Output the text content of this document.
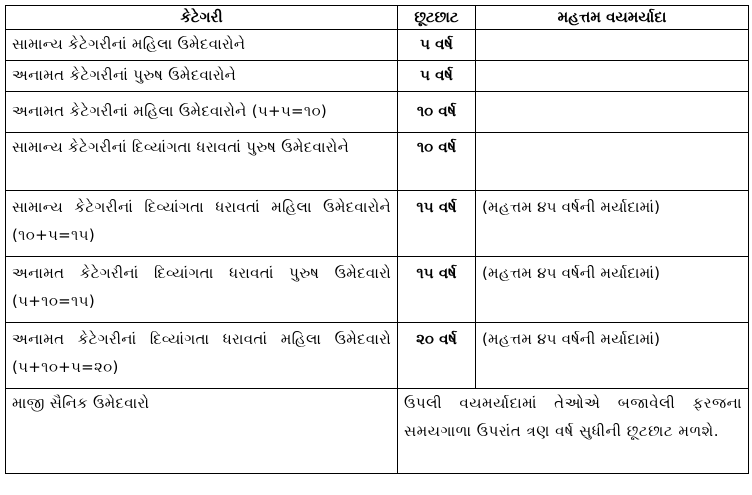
કેટેગરી	છૂટછાટ	મહત્તમ વયમર્યાદા
સામાન્ય કેટેગરીનાં મહિલા ઉમેદવારોને	૫ વર્ષ	
અનામત કેટેગરીનાં પુરુષ ઉમેદવારોને	૫ વર્ષ	
અનામત કેટેગરીનાં મહિલા ઉમેદવારોને (૫+૫=૧૦)	૧૦ વર્ષ	
સામાન્ય કેટેગરીનાં દિવ્યાંગતા ધરાવતાં પુરુષ ઉમેદવારોને	૧૦ વર્ષ	
સામાન્ય કેટેગરીનાં દિવ્યાંગતા ધરાવતાં મહિલા ઉમેદવારોને (૧૦+૫=૧૫)	૧૫ વર્ષ	(મહત્તમ ૪૫ વર્ષની મર્યાદામાં)
અનામત કેટેગરીનાં દિવ્યાંગતા ધરાવતાં પુરુષ ઉમેદવારો (૫+૧૦=૧૫)	૧૫ વર્ષ	(મહત્તમ ૪૫ વર્ષની મર્યાદામાં)
અનામત કેટેગરીનાં દિવ્યાંગતા ધરાવતાં મહિલા ઉમેદવારો (૫+૧૦+૫=૨૦)	૨૦ વર્ષ	(મહત્તમ ૪૫ વર્ષની મર્યાદામાં)
માજી સૈનિક ઉમેદવારો	ઉપલી વયમર્યાદામાં તેઓએ બજાવેલી ફરજના સમયગાળા ઉપરાંત ત્રણ વર્ષ સુધીની છૂટછાટ મળશે.	
